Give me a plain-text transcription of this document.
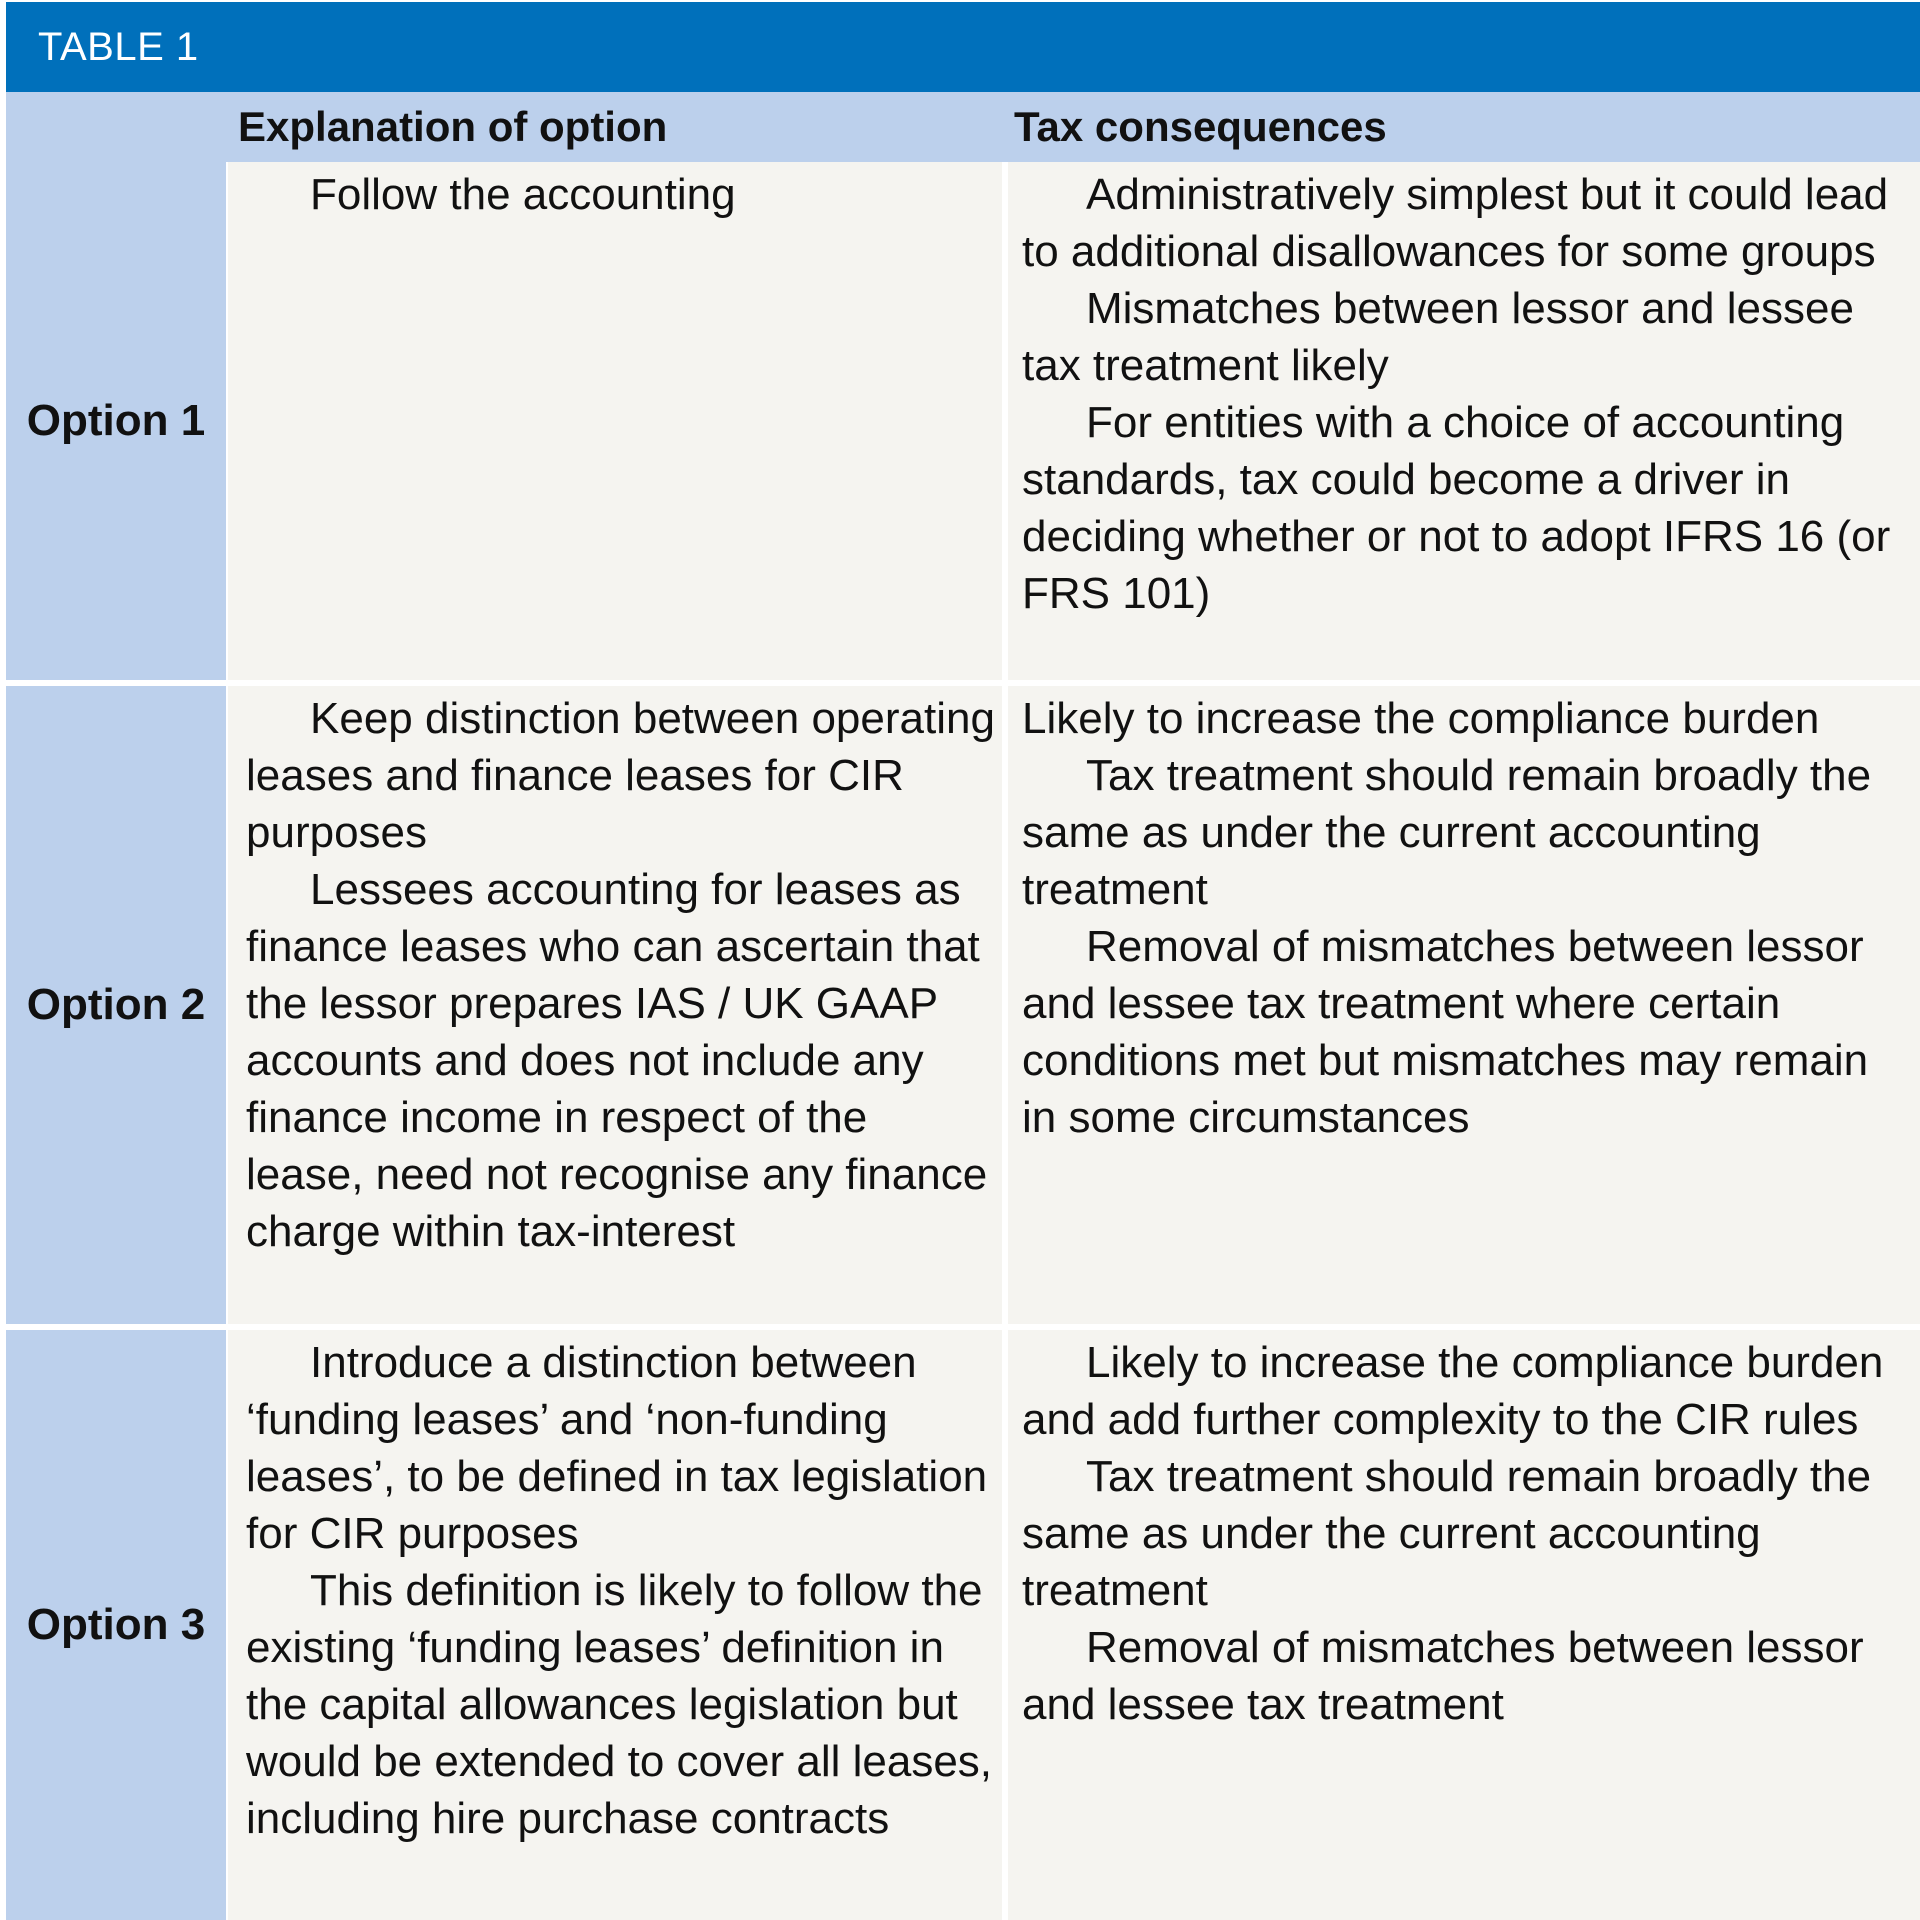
TABLE 1
Explanation of option	Tax consequences
Option 1

Follow the accounting	Administratively simplest but it could lead to additional disallowances for some groups

Mismatches between lessor and lessee tax treatment likely

For entities with a choice of accounting standards, tax could become a driver in deciding whether or not to adopt IFRS 16 (or FRS 101)

Option 2

Keep distinction between operating leases and finance leases for CIR purposes

Lessees accounting for leases as finance leases who can ascertain that the lessor prepares IAS / UK GAAP accounts and does not include any finance income in respect of the lease, need not recognise any finance charge within tax-interest

Likely to increase the compliance burden

Tax treatment should remain broadly the same as under the current accounting treatment

Removal of mismatches between lessor and lessee tax treatment where certain conditions met but mismatches may remain in some circumstances

Option 3

Introduce a distinction between ‘funding leases’ and ‘non-funding leases’, to be defined in tax legislation for CIR purposes

This definition is likely to follow the existing ‘funding leases’ definition in the capital allowances legislation but would be extended to cover all leases, including hire purchase contracts

Likely to increase the compliance burden and add further complexity to the CIR rules

Tax treatment should remain broadly the same as under the current accounting treatment

Removal of mismatches between lessor and lessee tax treatment
